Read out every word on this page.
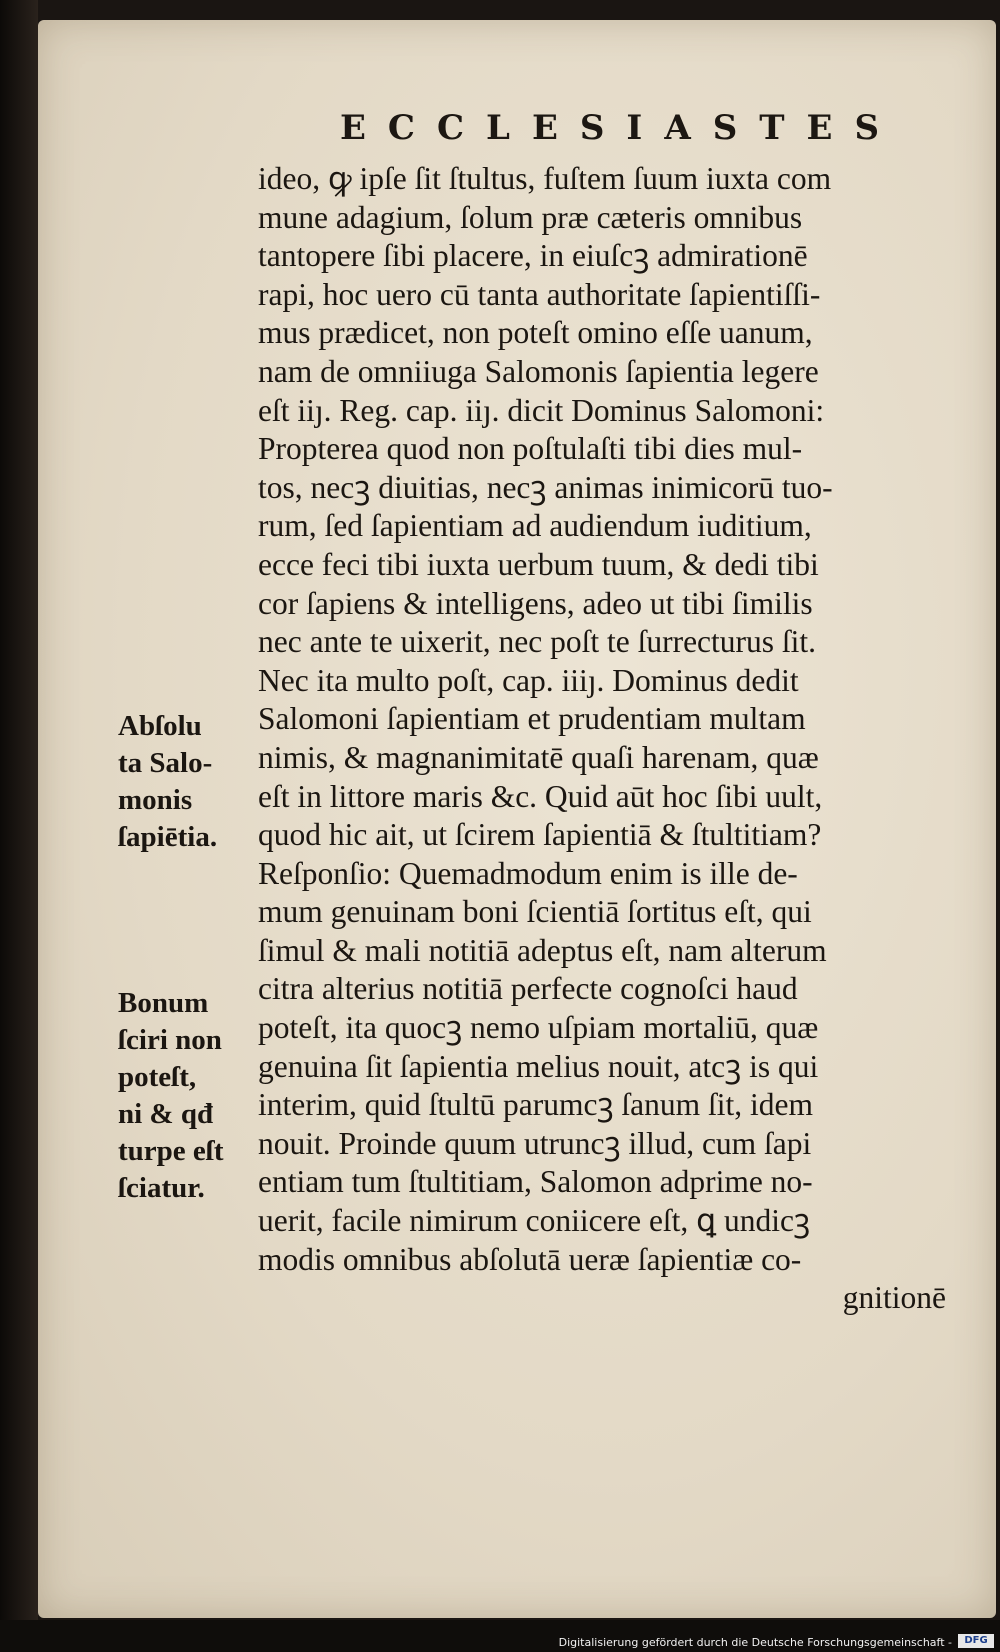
ECCLESIASTES
ideo, ꝙ ipſe ſit ſtultus, fuſtem ſuum iuxta com
mune adagium, ſolum præ cæteris omnibus
tantopere ſibi placere, in eiuſcꝫ admirationē
rapi, hoc uero cū tanta authoritate ſapientiſſi-
mus prædicet, non poteſt omino eſſe uanum,
nam de omniiuga Salomonis ſapientia legere
eſt iiȷ. Reg. cap. iiȷ. dicit Dominus Salomoni:
Propterea quod non poſtulaſti tibi dies mul-
tos, necꝫ diuitias, necꝫ animas inimicorū tuo-
rum, ſed ſapientiam ad audiendum iuditium,
ecce feci tibi iuxta uerbum tuum, & dedi tibi
cor ſapiens & intelligens, adeo ut tibi ſimilis
nec ante te uixerit, nec poſt te ſurrecturus ſit.
Nec ita multo poſt, cap. iiiȷ. Dominus dedit
Salomoni ſapientiam et prudentiam multam
nimis, & magnanimitatē quaſi harenam, quæ
eſt in littore maris &c. Quid aūt hoc ſibi uult,
quod hic ait, ut ſcirem ſapientiā & ſtultitiam?
Reſponſio: Quemadmodum enim is ille de-
mum genuinam boni ſcientiā ſortitus eſt, qui
ſimul & mali notitiā adeptus eſt, nam alterum
citra alterius notitiā perfecte cognoſci haud
poteſt, ita quocꝫ nemo uſpiam mortaliū, quæ
genuina ſit ſapientia melius nouit, atcꝫ is qui
interim, quid ſtultū parumcꝫ ſanum ſit, idem
nouit. Proinde quum utruncꝫ illud, cum ſapi
entiam tum ſtultitiam, Salomon adprime no-
uerit, facile nimirum coniicere eſt, ꝗ undicꝫ
modis omnibus abſolutā ueræ ſapientiæ co-
gnitionē
Abſolu
ta Salo-
monis
ſapiētia.
Bonum
ſciri non
poteſt,
ni & qđ
turpe eſt
ſciatur.
Digitalisierung gefördert durch die Deutsche Forschungsgemeinschaft -	DFG
